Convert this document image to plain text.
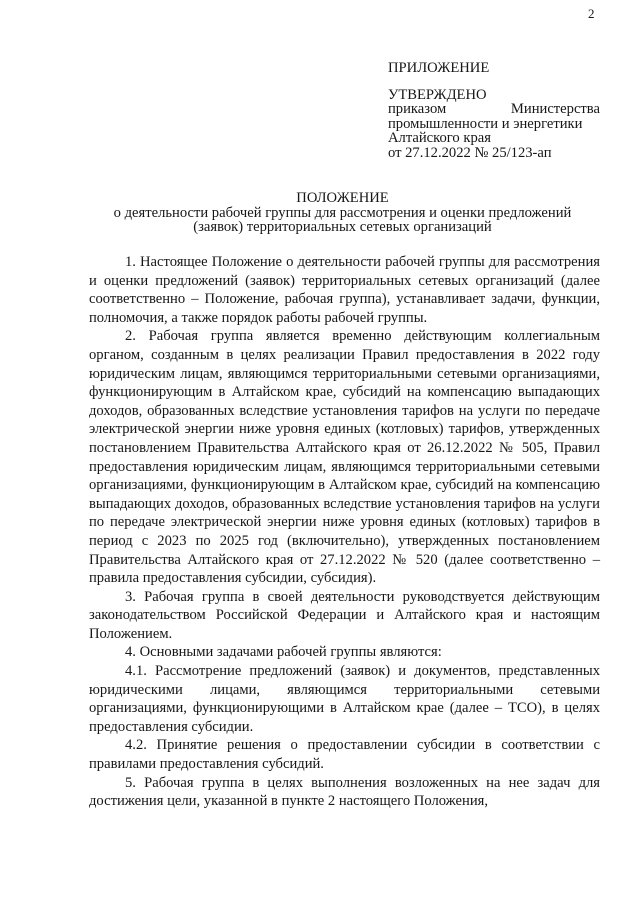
2
ПРИЛОЖЕНИЕ
УТВЕРЖДЕНО
приказом	Министерства
промышленности и энергетики
Алтайского края
от 27.12.2022 № 25/123-ап
ПОЛОЖЕНИЕ
о деятельности рабочей группы для рассмотрения и оценки предложений
(заявок) территориальных сетевых организаций

1. Настоящее Положение о деятельности рабочей группы для рассмотрения и оценки предложений (заявок) территориальных сетевых организаций (далее соответственно – Положение, рабочая группа), устанавливает задачи, функции, полномочия, а также порядок работы рабочей группы.

2. Рабочая группа является временно действующим коллегиальным органом, созданным в целях реализации Правил предоставления в 2022 году юридическим лицам, являющимся территориальными сетевыми организациями, функционирующим в Алтайском крае, субсидий на компенсацию выпадающих доходов, образованных вследствие установления тарифов на услуги по передаче электрической энергии ниже уровня единых (котловых) тарифов, утвержденных постановлением Правительства Алтайского края от 26.12.2022 № 505, Правил предоставления юридическим лицам, являющимся территориальными сетевыми организациями, функционирующим в Алтайском крае, субсидий на компенсацию выпадающих доходов, образованных вследствие установления тарифов на услуги по передаче электрической энергии ниже уровня единых (котловых) тарифов в период с 2023 по 2025 год (включительно), утвержденных постановлением Правительства Алтайского края от 27.12.2022 № 520 (далее соответственно – правила предоставления субсидии, субсидия).

3. Рабочая группа в своей деятельности руководствуется действующим законодательством Российской Федерации и Алтайского края и настоящим Положением.

4. Основными задачами рабочей группы являются:

4.1. Рассмотрение предложений (заявок) и документов, представленных юридическими лицами, являющимся территориальными сетевыми организациями, функционирующими в Алтайском крае (далее – ТСО), в целях предоставления субсидии.

4.2. Принятие решения о предоставлении субсидии в соответствии с правилами предоставления субсидий.

5. Рабочая группа в целях выполнения возложенных на нее задач для достижения цели, указанной в пункте 2 настоящего Положения,
